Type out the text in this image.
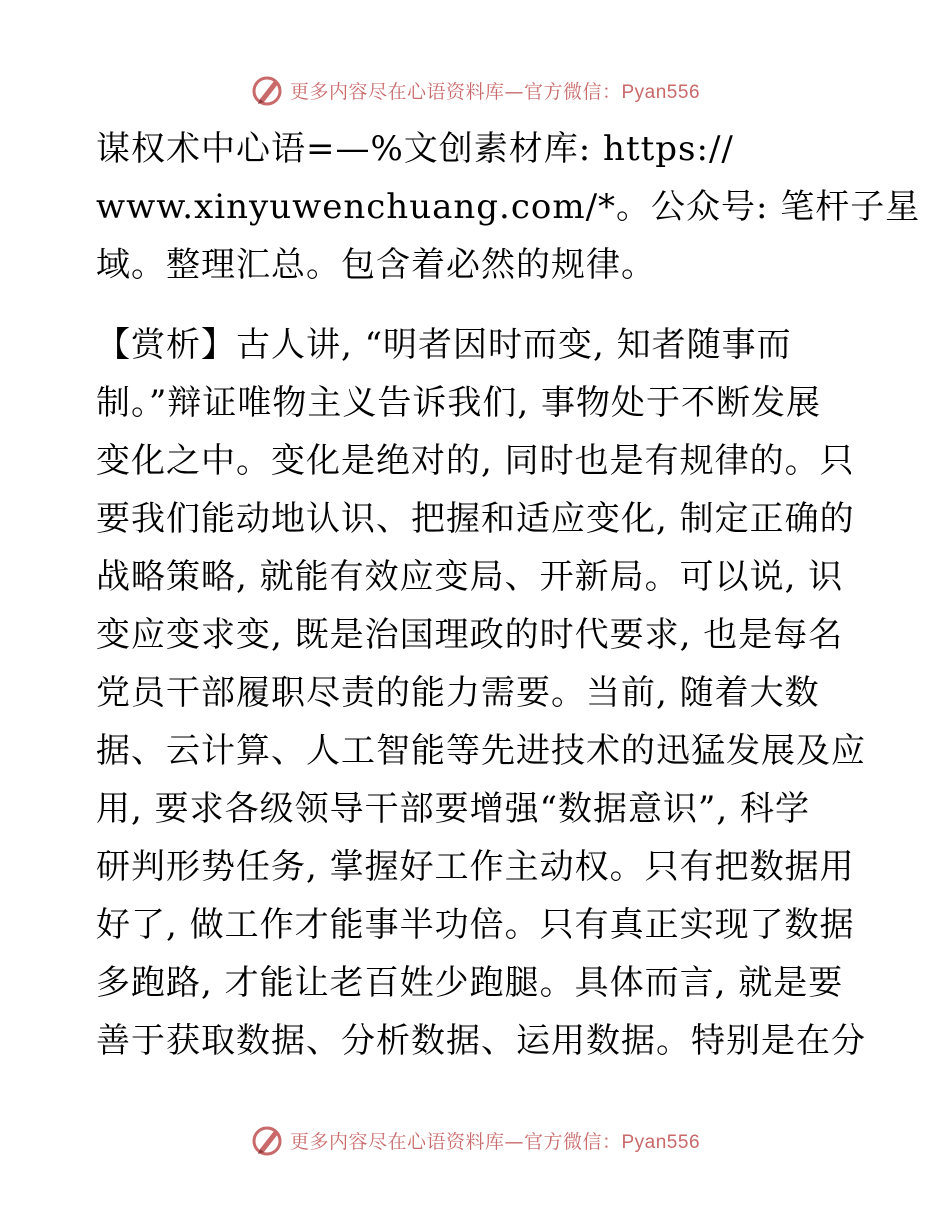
更多内容尽在心语资料库—官方微信：Pyan556
谋权术中心语=—%文创素材库: https://
www.xinyuwenchuang.com/*。公众号: 笔杆子星
域。整理汇总。包含着必然的规律。
【赏析】古人讲, “明者因时而变, 知者随事而
制。”辩证唯物主义告诉我们, 事物处于不断发展
变化之中。变化是绝对的, 同时也是有规律的。只
要我们能动地认识、把握和适应变化, 制定正确的
战略策略, 就能有效应变局、开新局。可以说, 识
变应变求变, 既是治国理政的时代要求, 也是每名
党员干部履职尽责的能力需要。当前, 随着大数
据、云计算、人工智能等先进技术的迅猛发展及应
用, 要求各级领导干部要增强“数据意识”, 科学
研判形势任务, 掌握好工作主动权。只有把数据用
好了, 做工作才能事半功倍。只有真正实现了数据
多跑路, 才能让老百姓少跑腿。具体而言, 就是要
善于获取数据、分析数据、运用数据。特别是在分
更多内容尽在心语资料库—官方微信：Pyan556
